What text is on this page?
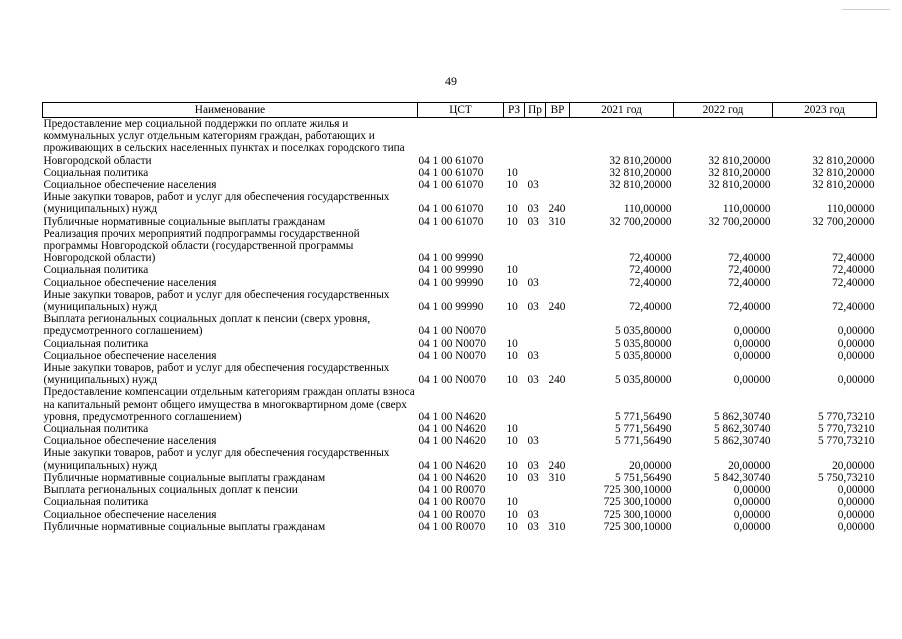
49
Наименование	ЦСТ	РЗ	Пр	ВР	2021 год	2022 год	2023 год
Предоставление мер социальной поддержки по оплате жилья и коммунальных услуг отдельным категориям граждан, работающих и проживающих в сельских населенных пунктах и поселках городского типа Новгородской области	04 1 00 61070				32 810,20000	32 810,20000	32 810,20000
Социальная политика	04 1 00 61070	10			32 810,20000	32 810,20000	32 810,20000
Социальное обеспечение населения	04 1 00 61070	10	03		32 810,20000	32 810,20000	32 810,20000
Иные закупки товаров, работ и услуг для обеспечения государственных (муниципальных) нужд	04 1 00 61070	10	03	240	110,00000	110,00000	110,00000
Публичные нормативные социальные выплаты гражданам	04 1 00 61070	10	03	310	32 700,20000	32 700,20000	32 700,20000
Реализация прочих мероприятий подпрограммы государственной программы Новгородской области (государственной программы Новгородской области)	04 1 00 99990				72,40000	72,40000	72,40000
Социальная политика	04 1 00 99990	10			72,40000	72,40000	72,40000
Социальное обеспечение населения	04 1 00 99990	10	03		72,40000	72,40000	72,40000
Иные закупки товаров, работ и услуг для обеспечения государственных (муниципальных) нужд	04 1 00 99990	10	03	240	72,40000	72,40000	72,40000
Выплата региональных социальных доплат к пенсии (сверх уровня, предусмотренного соглашением)	04 1 00 N0070				5 035,80000	0,00000	0,00000
Социальная политика	04 1 00 N0070	10			5 035,80000	0,00000	0,00000
Социальное обеспечение населения	04 1 00 N0070	10	03		5 035,80000	0,00000	0,00000
Иные закупки товаров, работ и услуг для обеспечения государственных (муниципальных) нужд	04 1 00 N0070	10	03	240	5 035,80000	0,00000	0,00000
Предоставление компенсации отдельным категориям граждан оплаты взноса на капитальный ремонт общего имущества в многоквартирном доме (сверх уровня, предусмотренного соглашением)	04 1 00 N4620				5 771,56490	5 862,30740	5 770,73210
Социальная политика	04 1 00 N4620	10			5 771,56490	5 862,30740	5 770,73210
Социальное обеспечение населения	04 1 00 N4620	10	03		5 771,56490	5 862,30740	5 770,73210
Иные закупки товаров, работ и услуг для обеспечения государственных (муниципальных) нужд	04 1 00 N4620	10	03	240	20,00000	20,00000	20,00000
Публичные нормативные социальные выплаты гражданам	04 1 00 N4620	10	03	310	5 751,56490	5 842,30740	5 750,73210
Выплата региональных социальных доплат к пенсии	04 1 00 R0070				725 300,10000	0,00000	0,00000
Социальная политика	04 1 00 R0070	10			725 300,10000	0,00000	0,00000
Социальное обеспечение населения	04 1 00 R0070	10	03		725 300,10000	0,00000	0,00000
Публичные нормативные социальные выплаты гражданам	04 1 00 R0070	10	03	310	725 300,10000	0,00000	0,00000
